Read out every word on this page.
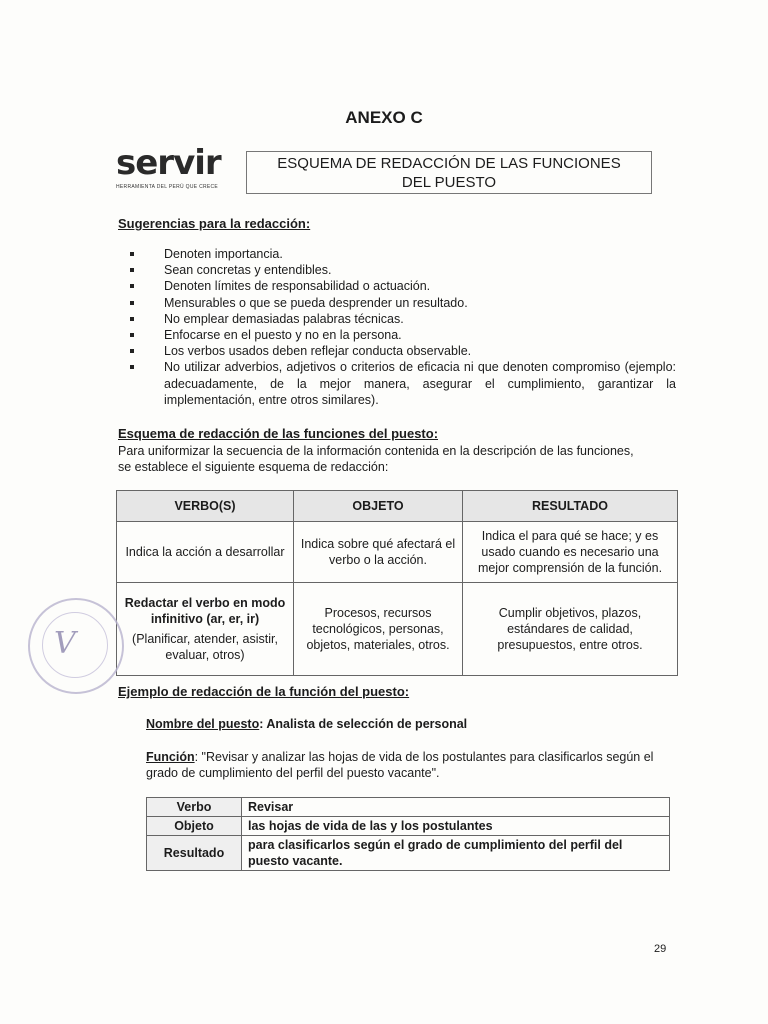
ANEXO C
servir
HERRAMIENTA DEL PERÚ QUE CRECE
ESQUEMA DE REDACCIÓN DE LAS FUNCIONES
DEL PUESTO
Sugerencias para la redacción:
Denoten importancia.
Sean concretas y entendibles.
Denoten límites de responsabilidad o actuación.
Mensurables o que se pueda desprender un resultado.
No emplear demasiadas palabras técnicas.
Enfocarse en el puesto y no en la persona.
Los verbos usados deben reflejar conducta observable.
No utilizar adverbios, adjetivos o criterios de eficacia ni que denoten compromiso (ejemplo: adecuadamente, de la mejor manera, asegurar el cumplimiento, garantizar la implementación, entre otros similares).
Esquema de redacción de las funciones del puesto:
Para uniformizar la secuencia de la información contenida en la descripción de las funciones,
se establece el siguiente esquema de redacción:
VERBO(S)	OBJETO	RESULTADO
Indica la acción a desarrollar	Indica sobre qué afectará el verbo o la acción.	Indica el para qué se hace; y es usado cuando es necesario una mejor comprensión de la función.

Redactar el verbo en modo infinitivo (ar, er, ir)
(Planificar, atender, asistir, evaluar, otros)	Procesos, recursos tecnológicos, personas, objetos, materiales, otros.	Cumplir objetivos, plazos, estándares de calidad, presupuestos, entre otros.
V
Ejemplo de redacción de la función del puesto:
Nombre del puesto: Analista de selección de personal
Función: "Revisar y analizar las hojas de vida de los postulantes para clasificarlos según el
grado de cumplimiento del perfil del puesto vacante".
Verbo	Revisar
Objeto	las hojas de vida de las y los postulantes
Resultado	para clasificarlos según el grado de cumplimiento del perfil del puesto vacante.
29
